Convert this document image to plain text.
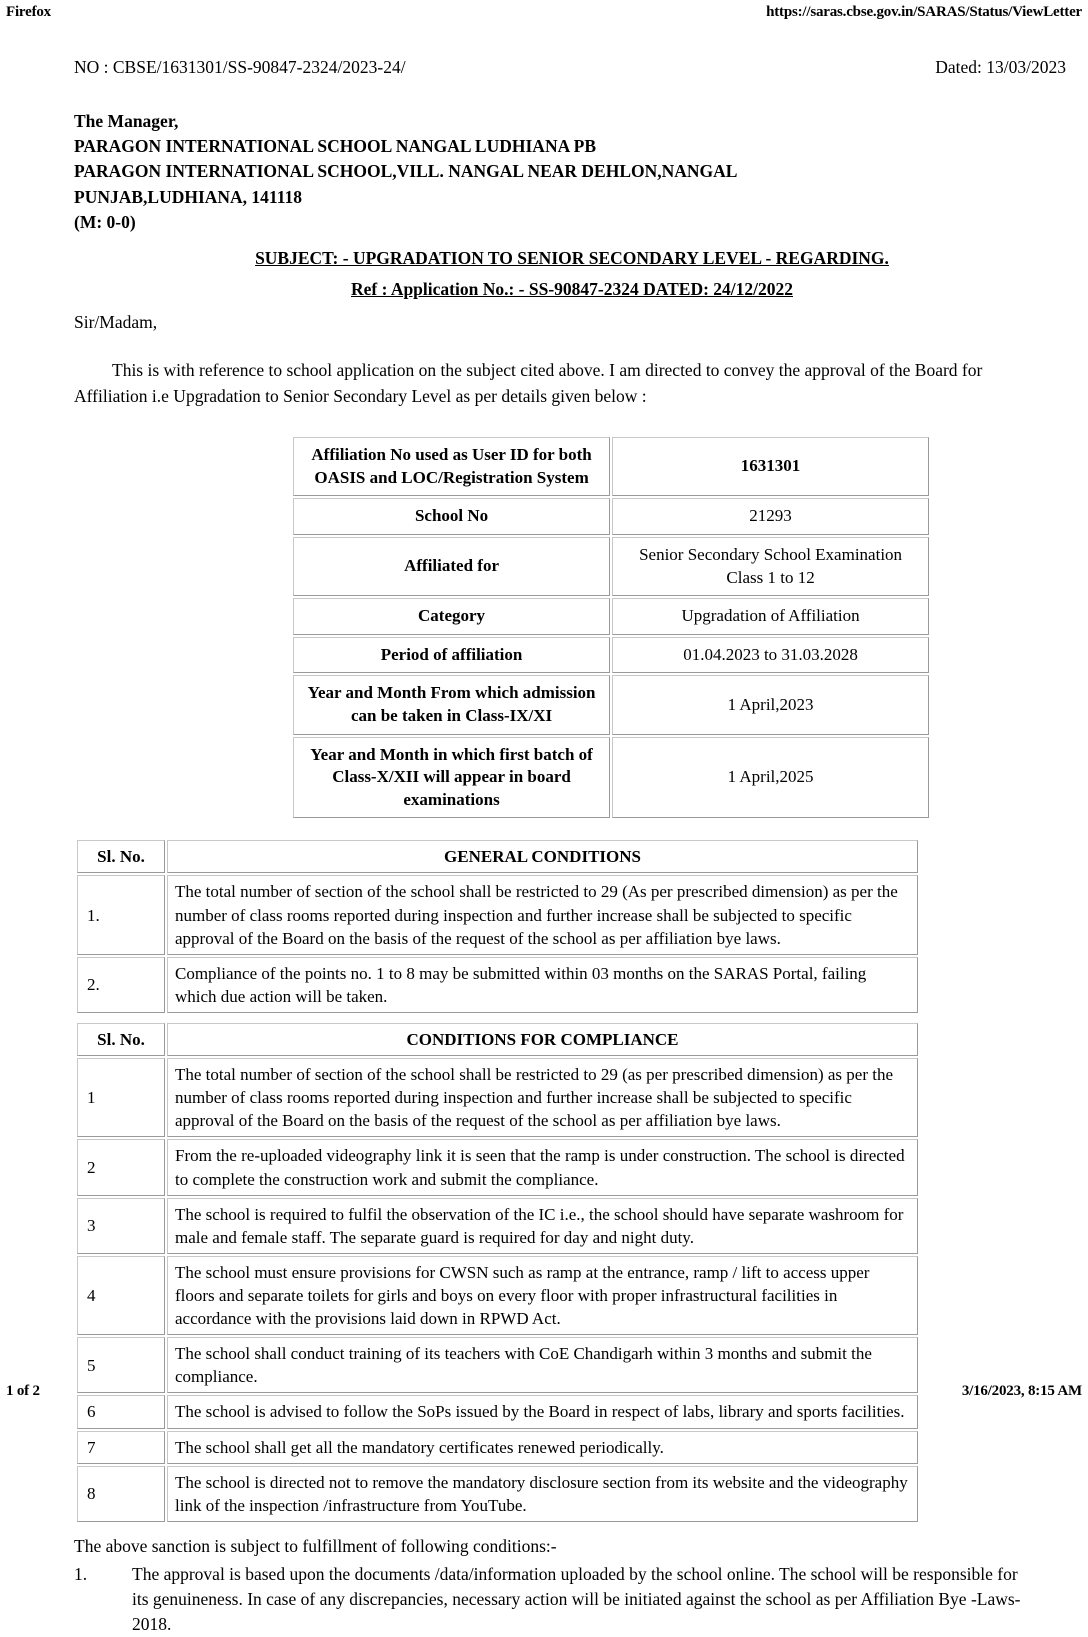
Firefox	https://saras.cbse.gov.in/SARAS/Status/ViewLetter
NO : CBSE/1631301/SS-90847-2324/2023-24/	Dated: 13/03/2023
The Manager,
PARAGON INTERNATIONAL SCHOOL NANGAL LUDHIANA PB
PARAGON INTERNATIONAL SCHOOL,VILL. NANGAL NEAR DEHLON,NANGAL
PUNJAB,LUDHIANA, 141118
(M: 0-0)
SUBJECT: - UPGRADATION TO SENIOR SECONDARY LEVEL - REGARDING.
Ref : Application No.: - SS-90847-2324 DATED: 24/12/2022
Sir/Madam,

This is with reference to school application on the subject cited above. I am directed to convey the approval of the Board for Affiliation i.e Upgradation to Senior Secondary Level as per details given below :

Affiliation No used as User ID for both OASIS and LOC/Registration System	1631301
School No	21293
Affiliated for	Senior Secondary School Examination Class 1 to 12
Category	Upgradation of Affiliation
Period of affiliation	01.04.2023 to 31.03.2028
Year and Month From which admission can be taken in Class-IX/XI	1 April,2023
Year and Month in which first batch of Class-X/XII will appear in board examinations	1 April,2025
Sl. No.	GENERAL CONDITIONS
1.	The total number of section of the school shall be restricted to 29 (As per prescribed dimension) as per the number of class rooms reported during inspection and further increase shall be subjected to specific approval of the Board on the basis of the request of the school as per affiliation bye laws.
2.	Compliance of the points no. 1 to 8 may be submitted within 03 months on the SARAS Portal, failing which due action will be taken.
Sl. No.	CONDITIONS FOR COMPLIANCE
1	The total number of section of the school shall be restricted to 29 (as per prescribed dimension) as per the number of class rooms reported during inspection and further increase shall be subjected to specific approval of the Board on the basis of the request of the school as per affiliation bye laws.
2	From the re-uploaded videography link it is seen that the ramp is under construction. The school is directed to complete the construction work and submit the compliance.
3	The school is required to fulfil the observation of the IC i.e., the school should have separate washroom for male and female staff. The separate guard is required for day and night duty.
4	The school must ensure provisions for CWSN such as ramp at the entrance, ramp / lift to access upper floors and separate toilets for girls and boys on every floor with proper infrastructural facilities in accordance with the provisions laid down in RPWD Act.
5	The school shall conduct training of its teachers with CoE Chandigarh within 3 months and submit the compliance.
6	The school is advised to follow the SoPs issued by the Board in respect of labs, library and sports facilities.
7	The school shall get all the mandatory certificates renewed periodically.
8	The school is directed not to remove the mandatory disclosure section from its website and the videography link of the inspection /infrastructure from YouTube.

The above sanction is subject to fulfillment of following conditions:-

1.	The approval is based upon the documents /data/information uploaded by the school online. The school will be responsible for its genuineness. In case of any discrepancies, necessary action will be initiated against the school as per Affiliation Bye -Laws-2018.
1 of 2	3/16/2023, 8:15 AM
